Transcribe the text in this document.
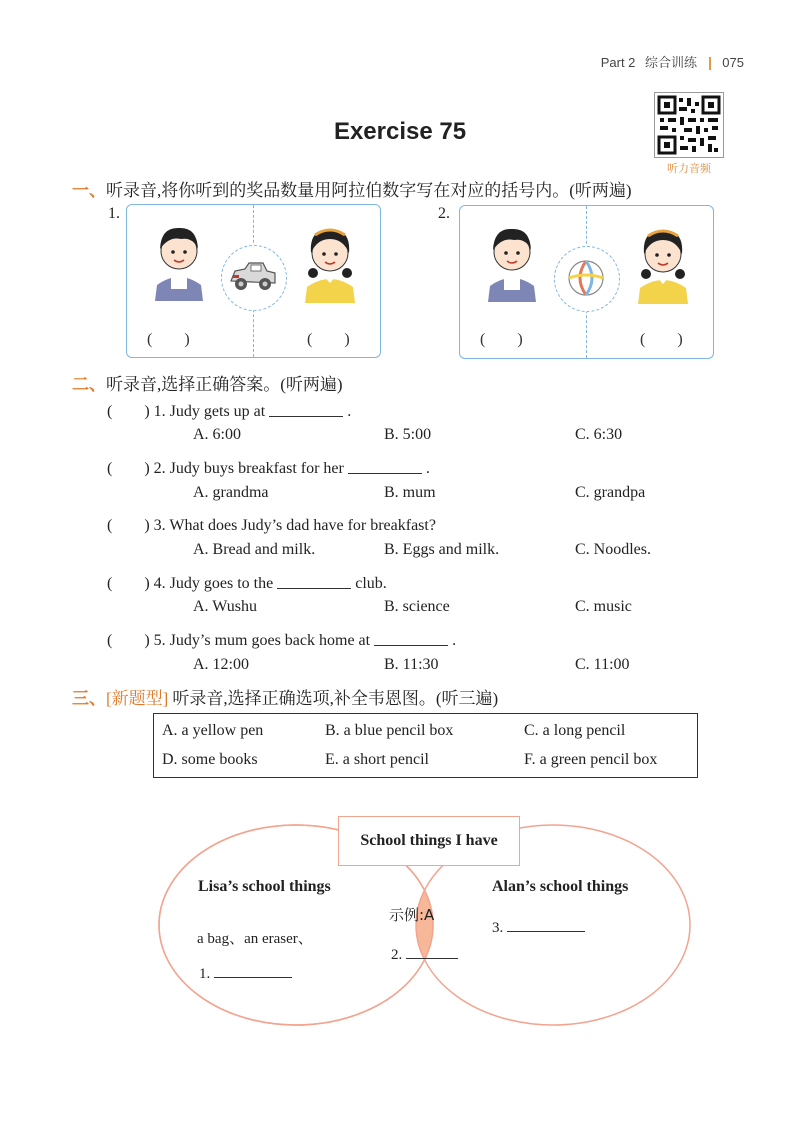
Part 2 综合训练 075
听力音频
Exercise 75
一、听录音,将你听到的奖品数量用阿拉伯数字写在对应的括号内。(听两遍)
1.
(　　)	(　　)
2.
(　　)	(　　)
二、听录音,选择正确答案。(听两遍)
(　　) 1. Judy gets up at	.
A. 6:00	B. 5:00	C. 6:30
(　　) 2. Judy buys breakfast for her	.
A. grandma	B. mum	C. grandpa
(　　) 3. What does Judy’s dad have for breakfast?
A. Bread and milk.	B. Eggs and milk.	C. Noodles.
(　　) 4. Judy goes to the	club.
A. Wushu	B. science	C. music
(　　) 5. Judy’s mum goes back home at	.
A. 12:00	B. 11:30	C. 11:00
三、[新题型] 听录音,选择正确选项,补全韦恩图。(听三遍)
A. a yellow pen	B. a blue pencil box	C. a long pencil
D. some books	E. a short pencil	F. a green pencil box
School things I have
Lisa’s school things	Alan’s school things
a bag、an eraser、
1.
示例:A
2.
3.
